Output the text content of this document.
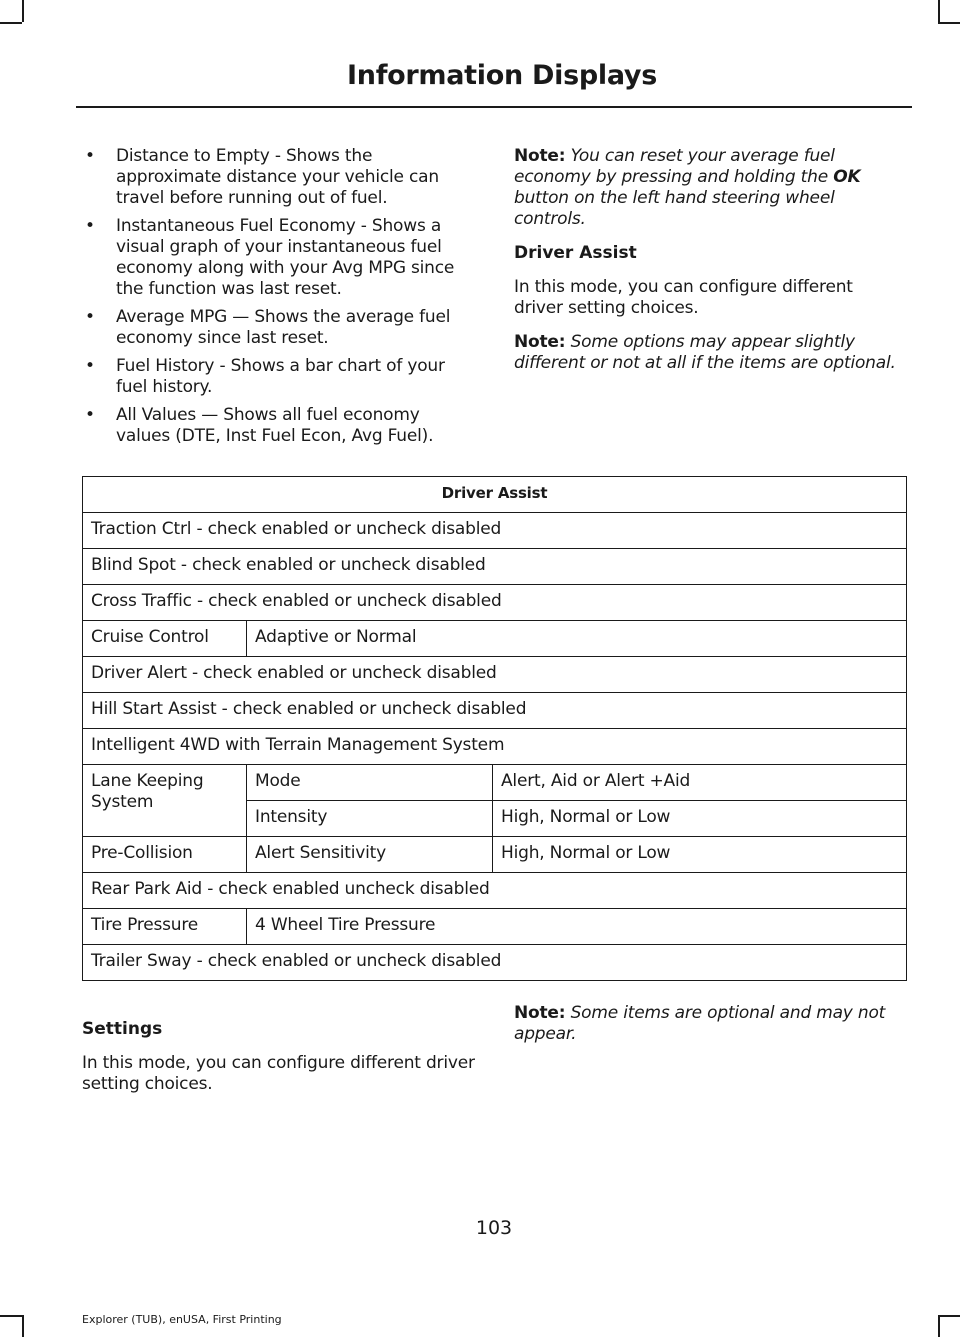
Information Displays
• Distance to Empty - Shows the approximate distance your vehicle can travel before running out of fuel.
• Instantaneous Fuel Economy - Shows a visual graph of your instantaneous fuel economy along with your Avg MPG since the function was last reset.
• Average MPG — Shows the average fuel economy since last reset.
• Fuel History - Shows a bar chart of your fuel history.
• All Values — Shows all fuel economy values (DTE, Inst Fuel Econ, Avg Fuel).

Note: You can reset your average fuel economy by pressing and holding the OK button on the left hand steering wheel controls.

Driver Assist

In this mode, you can configure different driver setting choices.

Note: Some options may appear slightly different or not at all if the items are optional.

Driver Assist		
Traction Ctrl - check enabled or uncheck disabled		
Blind Spot - check enabled or uncheck disabled		
Cross Traffic - check enabled or uncheck disabled		
Cruise Control	Adaptive or Normal	
Driver Alert - check enabled or uncheck disabled		
Hill Start Assist - check enabled or uncheck disabled		
Intelligent 4WD with Terrain Management System		
Lane Keeping System	Mode	Alert, Aid or Alert +Aid
	Intensity	High, Normal or Low
Pre-Collision	Alert Sensitivity	High, Normal or Low
Rear Park Aid - check enabled uncheck disabled		
Tire Pressure	4 Wheel Tire Pressure	
Trailer Sway - check enabled or uncheck disabled		
Settings

In this mode, you can configure different driver setting choices.

Note: Some items are optional and may not appear.

103
Explorer (TUB), enUSA, First Printing
